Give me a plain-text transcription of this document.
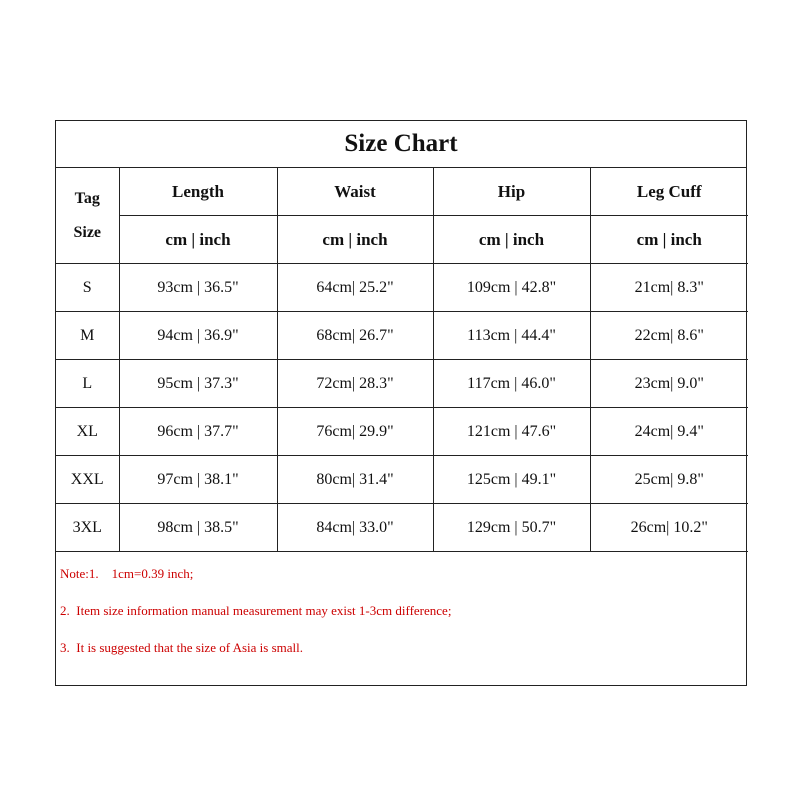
Size Chart
Tag
Size	Length	Waist	Hip	Leg Cuff
	cm | inch	cm | inch	cm | inch	cm | inch
S	93cm | 36.5"	64cm| 25.2"	109cm | 42.8"	21cm| 8.3"
M	94cm | 36.9"	68cm| 26.7"	113cm | 44.4"	22cm| 8.6"
L	95cm | 37.3"	72cm| 28.3"	117cm | 46.0"	23cm| 9.0"
XL	96cm | 37.7"	76cm| 29.9"	121cm | 47.6"	24cm| 9.4"
XXL	97cm | 38.1"	80cm| 31.4"	125cm | 49.1"	25cm| 9.8"
3XL	98cm | 38.5"	84cm| 33.0"	129cm | 50.7"	26cm| 10.2"
Note:1.    1cm=0.39 inch;
2.  Item size information manual measurement may exist 1-3cm difference;
3.  It is suggested that the size of Asia is small.
